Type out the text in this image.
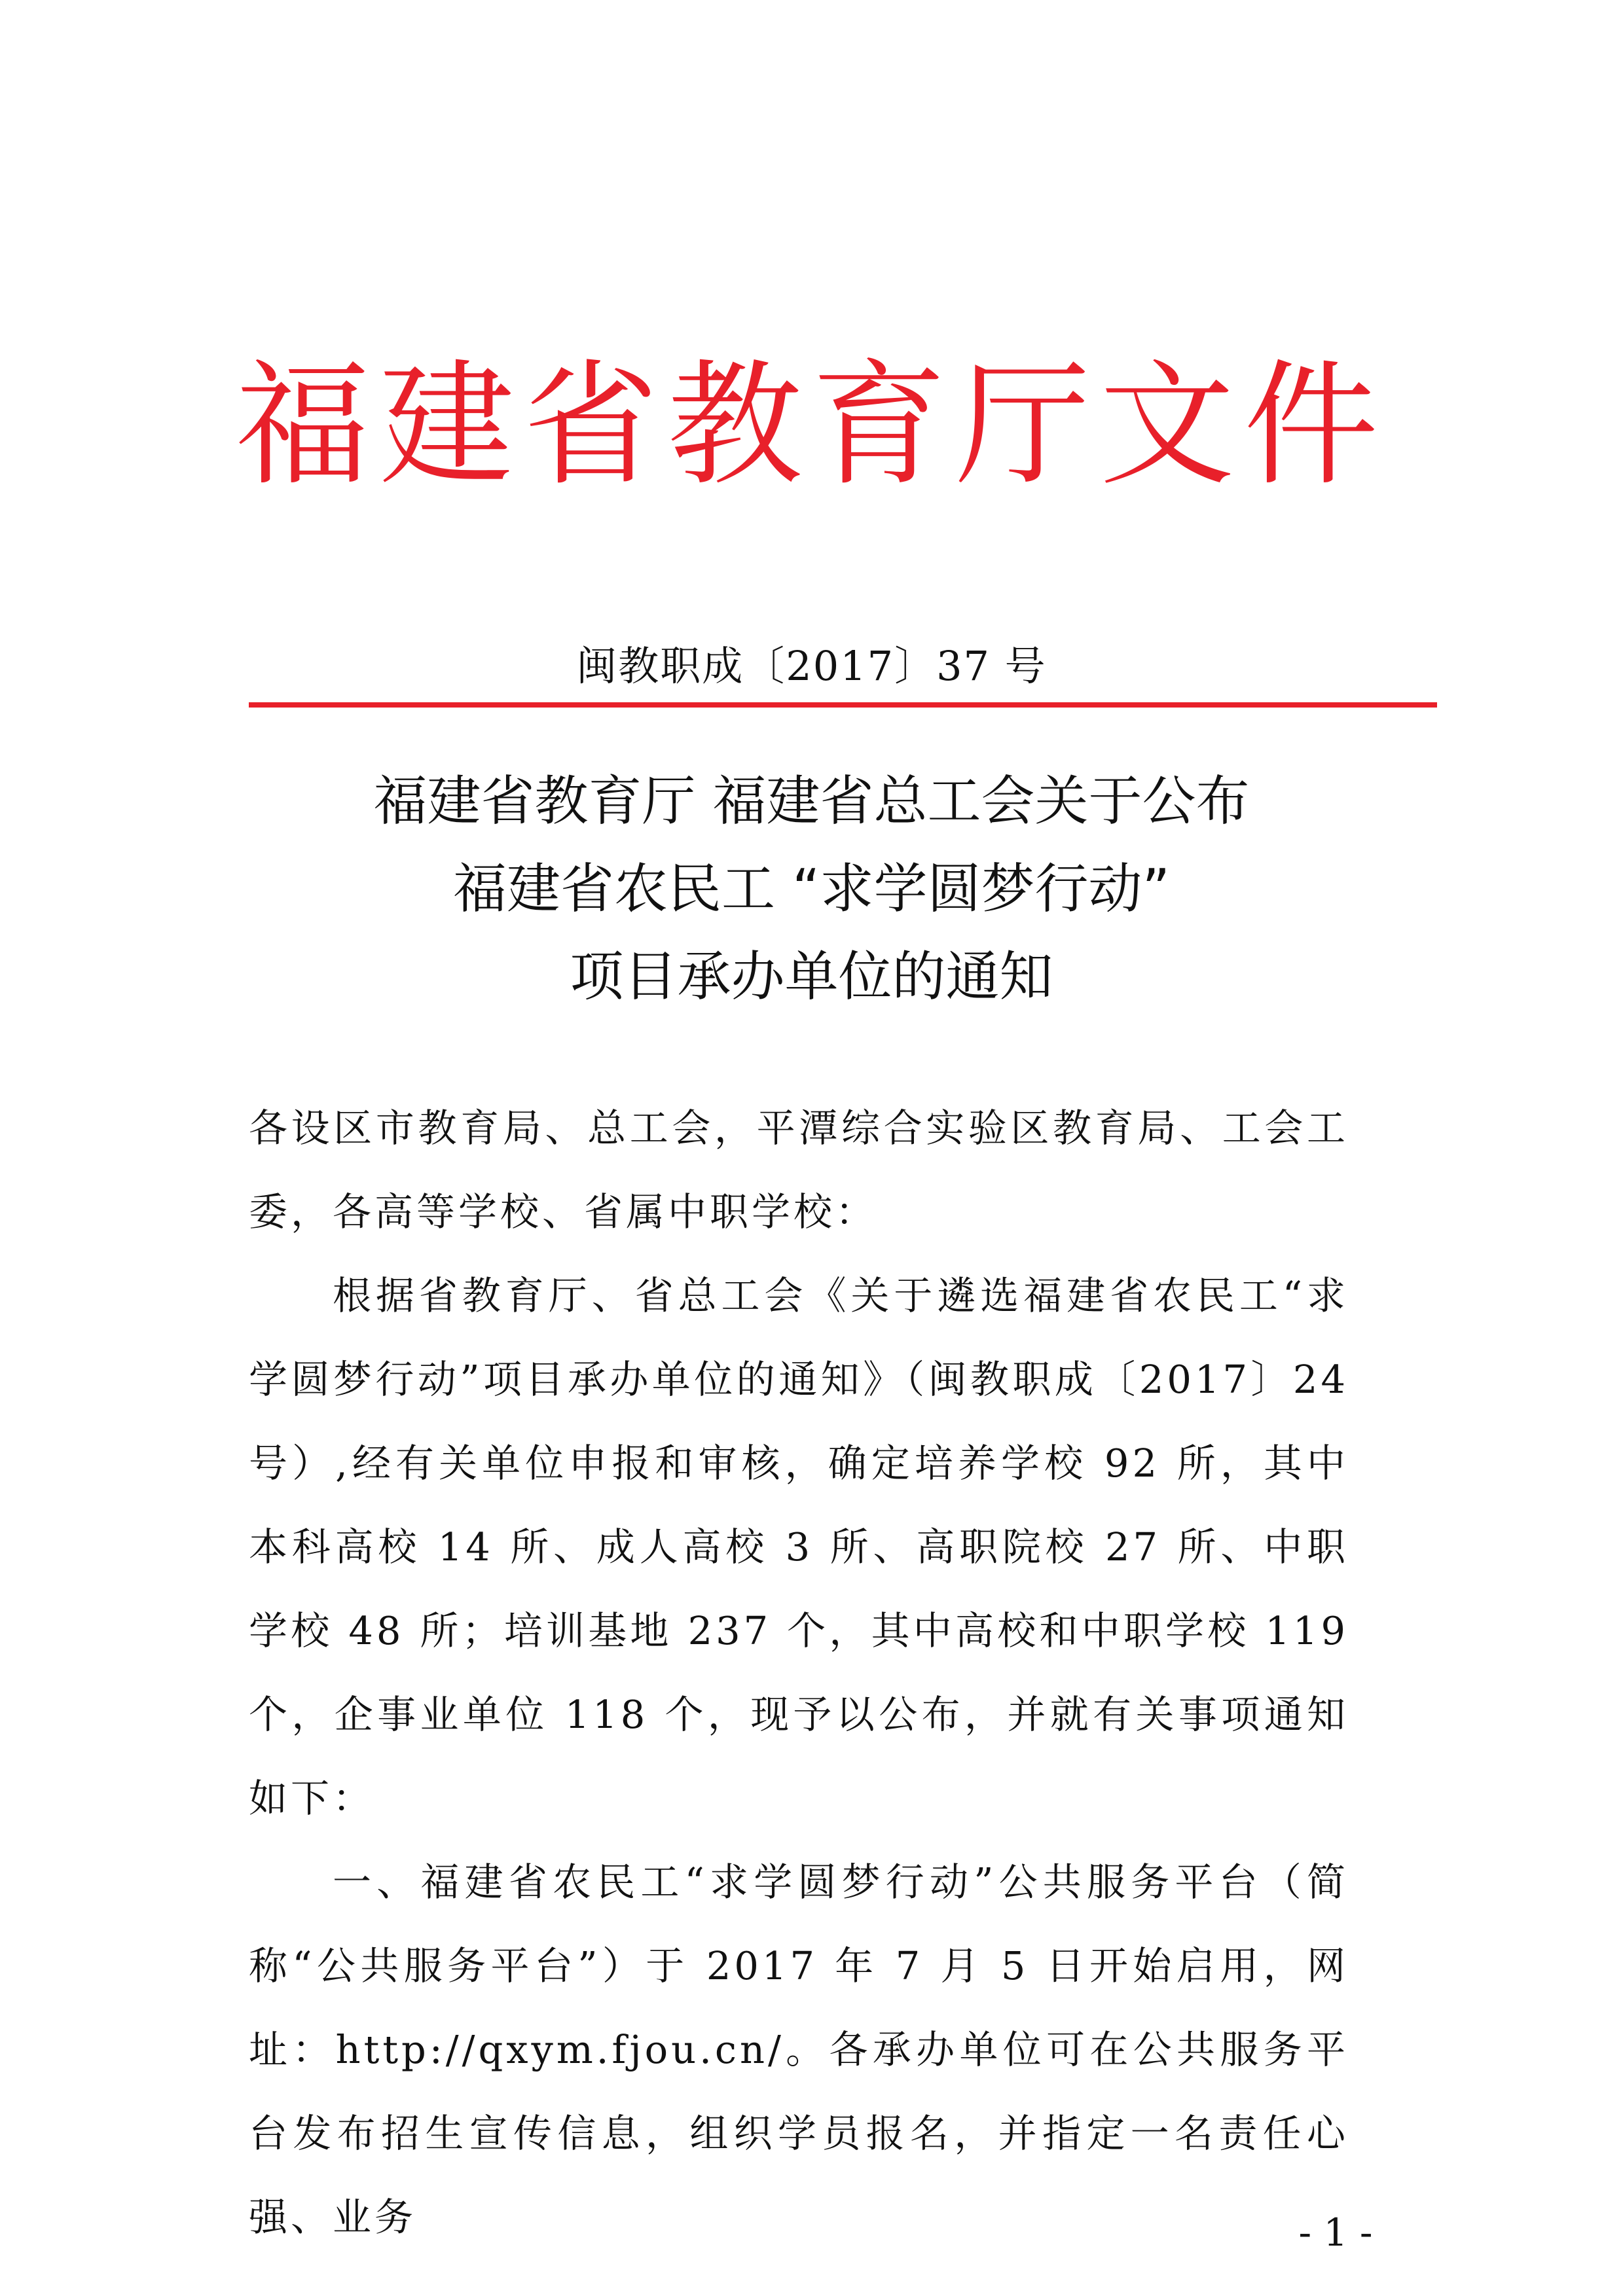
福建省教育厅文件
闽教职成〔2017〕37 号
福建省教育厅 福建省总工会关于公布
福建省农民工 “求学圆梦行动”
项目承办单位的通知

各设区市教育局、总工会，平潭综合实验区教育局、工会工委，各高等学校、省属中职学校：

根据省教育厅、省总工会《关于遴选福建省农民工“求学圆梦行动”项目承办单位的通知》（闽教职成〔2017〕24号）,经有关单位申报和审核，确定培养学校 92 所，其中本科高校 14 所、成人高校 3 所、高职院校 27 所、中职学校 48 所；培训基地 237 个，其中高校和中职学校 119 个，企事业单位 118 个，现予以公布，并就有关事项通知如下：

一、福建省农民工“求学圆梦行动”公共服务平台（简称“公共服务平台”）于 2017 年 7 月 5 日开始启用，网址：http://qxym.fjou.cn/。各承办单位可在公共服务平台发布招生宣传信息，组织学员报名，并指定一名责任心强、业务	- 1 -
